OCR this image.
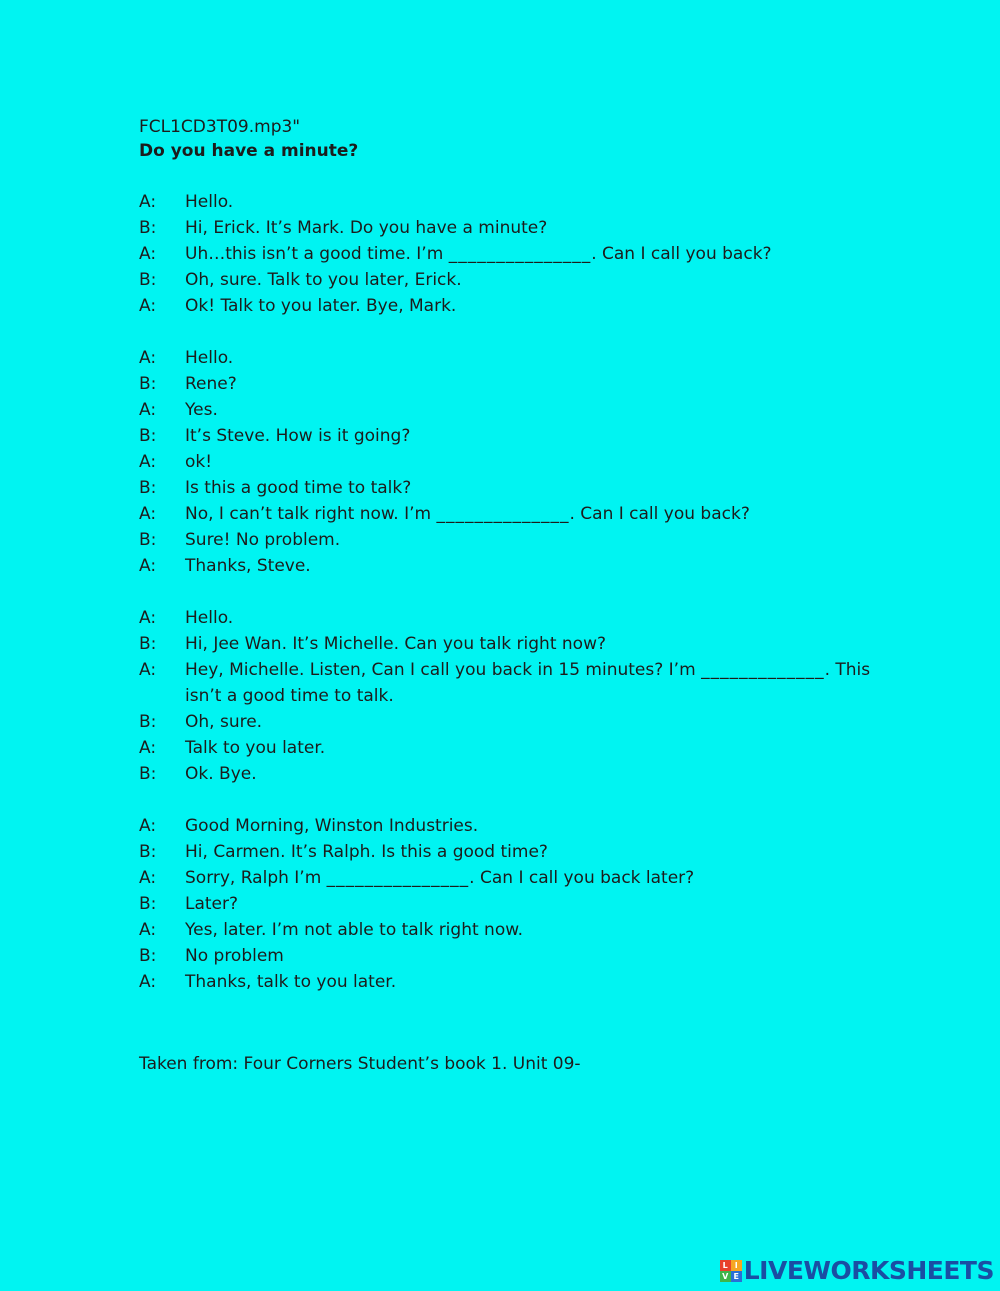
FCL1CD3T09.mp3"

Do you have a minute?
A:	Hello.
B:	Hi, Erick. It’s Mark. Do you have a minute?
A:	Uh…this isn’t a good time. I’m _______________. Can I call you back?
B:	Oh, sure. Talk to you later, Erick.
A:	Ok! Talk to you later. Bye, Mark.
A:	Hello.
B:	Rene?
A:	Yes.
B:	It’s Steve. How is it going?
A:	ok!
B:	Is this a good time to talk?
A:	No, I can’t talk right now. I’m ______________. Can I call you back?
B:	Sure! No problem.
A:	Thanks, Steve.
A:	Hello.
B:	Hi, Jee Wan. It’s Michelle. Can you talk right now?
A:	Hey, Michelle. Listen, Can I call you back in 15 minutes? I’m _____________. This isn’t a good time to talk.
B:	Oh, sure.
A:	Talk to you later.
B:	Ok. Bye.
A:	Good Morning, Winston Industries.
B:	Hi, Carmen. It’s Ralph. Is this a good time?
A:	Sorry, Ralph I’m _______________. Can I call you back later?
B:	Later?
A:	Yes, later. I’m not able to talk right now.
B:	No problem
A:	Thanks, talk to you later.

Taken from: Four Corners Student’s book 1. Unit 09-

L I
V E LIVEWORKSHEETS
